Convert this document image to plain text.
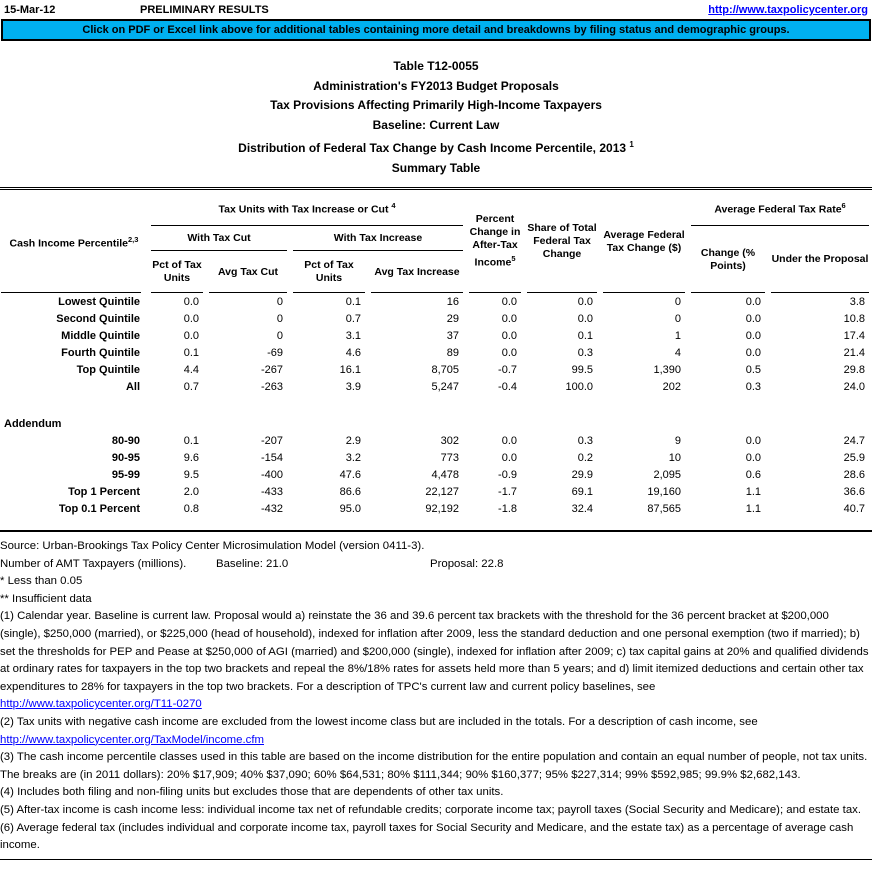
15-Mar-12	PRELIMINARY RESULTS	http://www.taxpolicycenter.org
Click on PDF or Excel link above for additional tables containing more detail and breakdowns by filing status and demographic groups.
Table T12-0055
Administration's FY2013 Budget Proposals
Tax Provisions Affecting Primarily High-Income Taxpayers
Baseline: Current Law
Distribution of Federal Tax Change by Cash Income Percentile, 2013 $^1$
Summary Table
Cash Income Percentile$^{2,3}$	Tax Units with Tax Increase or Cut $^4$				Percent Change in After-Tax Income$^5$	Share of Total Federal Tax Change	Average Federal Tax Change ($)	Average Federal Tax Rate$^6$
	With Tax Cut		With Tax Increase					Change (% Points)	Under the Proposal
	Pct of Tax Units	Avg Tax Cut	Pct of Tax Units	Avg Tax Increase					
Lowest Quintile	0.0	0	0.1	16	0.0	0.0	0	0.0	3.8
Second Quintile	0.0	0	0.7	29	0.0	0.0	0	0.0	10.8
Middle Quintile	0.0	0	3.1	37	0.0	0.1	1	0.0	17.4
Fourth Quintile	0.1	-69	4.6	89	0.0	0.3	4	0.0	21.4
Top Quintile	4.4	-267	16.1	8,705	-0.7	99.5	1,390	0.5	29.8
All	0.7	-263	3.9	5,247	-0.4	100.0	202	0.3	24.0

Addendum									
80-90	0.1	-207	2.9	302	0.0	0.3	9	0.0	24.7
90-95	9.6	-154	3.2	773	0.0	0.2	10	0.0	25.9
95-99	9.5	-400	47.6	4,478	-0.9	29.9	2,095	0.6	28.6
Top 1 Percent	2.0	-433	86.6	22,127	-1.7	69.1	19,160	1.1	36.6
Top 0.1 Percent	0.8	-432	95.0	92,192	-1.8	32.4	87,565	1.1	40.7

Source: Urban-Brookings Tax Policy Center Microsimulation Model (version 0411-3).

Number of AMT Taxpayers (millions).	Baseline: 21.0	Proposal: 22.8

* Less than 0.05

** Insufficient data

(1) Calendar year. Baseline is current law. Proposal would a) reinstate the 36 and 39.6 percent tax brackets with the threshold for the 36 percent bracket at $200,000 (single), $250,000 (married), or $225,000 (head of household), indexed for inflation after 2009, less the standard deduction and one personal exemption (two if married); b) set the thresholds for PEP and Pease at $250,000 of AGI (married) and $200,000 (single), indexed for inflation after 2009; c) tax capital gains at 20% and qualified dividends at ordinary rates for taxpayers in the top two brackets and repeal the 8%/18% rates for assets held more than 5 years; and d) limit itemized deductions and certain other tax expenditures to 28% for taxpayers in the top two brackets. For a description of TPC's current law and current policy baselines, see

http://www.taxpolicycenter.org/T11-0270

(2) Tax units with negative cash income are excluded from the lowest income class but are included in the totals. For a description of cash income, see

http://www.taxpolicycenter.org/TaxModel/income.cfm

(3) The cash income percentile classes used in this table are based on the income distribution for the entire population and contain an equal number of people, not tax units. The breaks are (in 2011 dollars): 20% $17,909; 40% $37,090; 60% $64,531; 80% $111,344; 90% $160,377; 95% $227,314; 99% $592,985; 99.9% $2,682,143.

(4) Includes both filing and non-filing units but excludes those that are dependents of other tax units.

(5) After-tax income is cash income less: individual income tax net of refundable credits; corporate income tax; payroll taxes (Social Security and Medicare); and estate tax.

(6) Average federal tax (includes individual and corporate income tax, payroll taxes for Social Security and Medicare, and the estate tax) as a percentage of average cash income.
